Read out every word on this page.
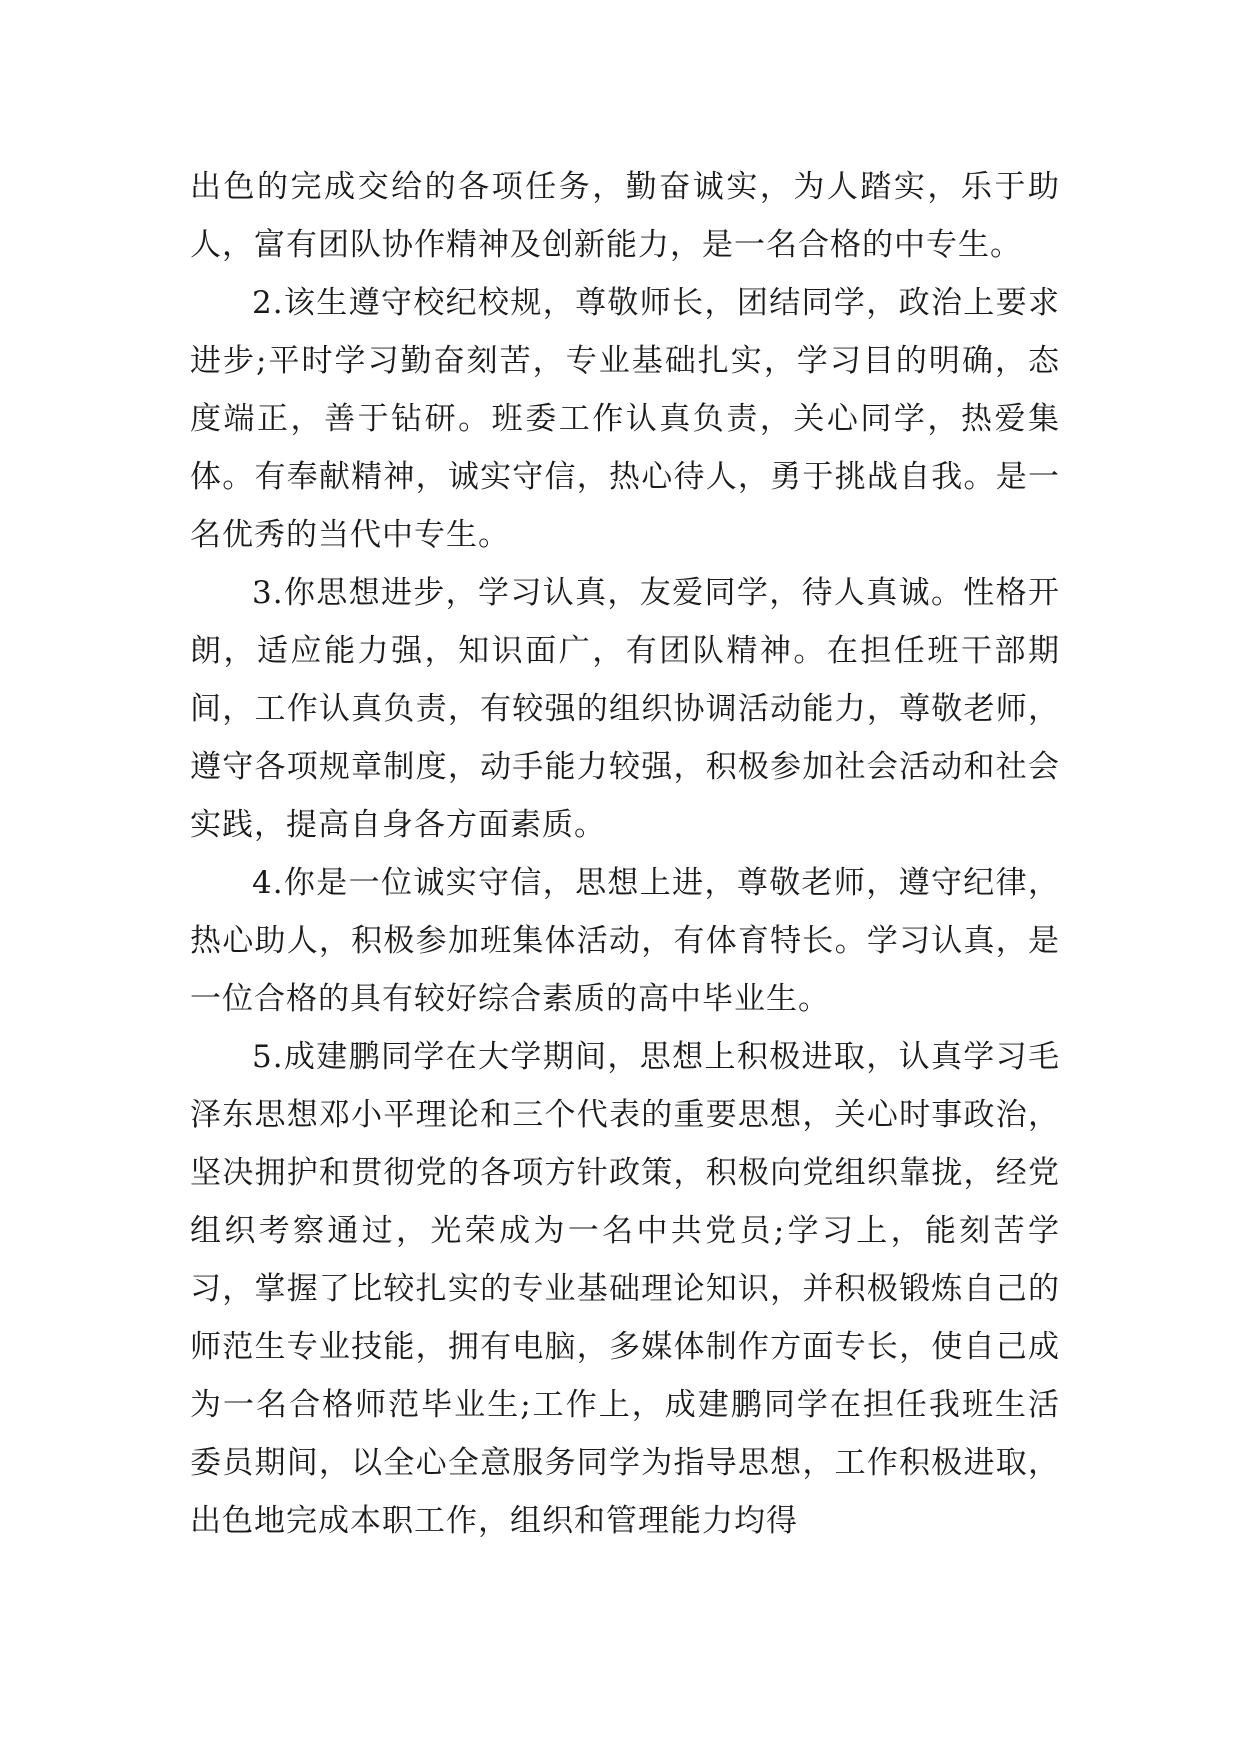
出色的完成交给的各项任务，勤奋诚实，为人踏实，乐于助人，富有团队协作精神及创新能力，是一名合格的中专生。

2.该生遵守校纪校规，尊敬师长，团结同学，政治上要求进步;平时学习勤奋刻苦，专业基础扎实，学习目的明确，态度端正，善于钻研。班委工作认真负责，关心同学，热爱集体。有奉献精神，诚实守信，热心待人，勇于挑战自我。是一名优秀的当代中专生。

3.你思想进步，学习认真，友爱同学，待人真诚。性格开朗，适应能力强，知识面广，有团队精神。在担任班干部期间，工作认真负责，有较强的组织协调活动能力，尊敬老师，遵守各项规章制度，动手能力较强，积极参加社会活动和社会实践，提高自身各方面素质。

4.你是一位诚实守信，思想上进，尊敬老师，遵守纪律，热心助人，积极参加班集体活动，有体育特长。学习认真，是一位合格的具有较好综合素质的高中毕业生。

5.成建鹏同学在大学期间，思想上积极进取，认真学习毛泽东思想邓小平理论和三个代表的重要思想，关心时事政治，坚决拥护和贯彻党的各项方针政策，积极向党组织靠拢，经党组织考察通过，光荣成为一名中共党员;学习上，能刻苦学习，掌握了比较扎实的专业基础理论知识，并积极锻炼自己的师范生专业技能，拥有电脑，多媒体制作方面专长，使自己成为一名合格师范毕业生;工作上，成建鹏同学在担任我班生活委员期间，以全心全意服务同学为指导思想，工作积极进取，出色地完成本职工作，组织和管理能力均得
